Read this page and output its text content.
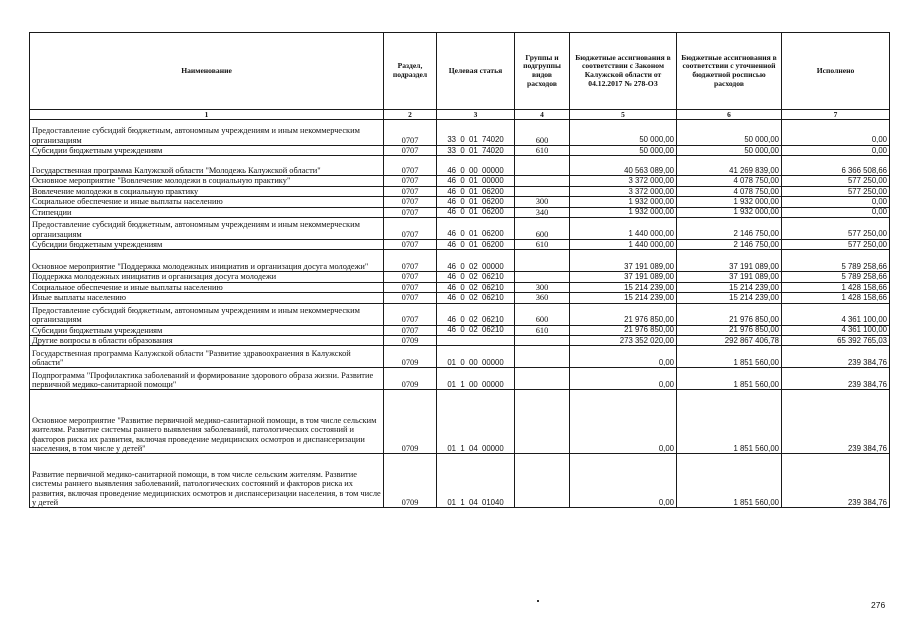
Наименование	Раздел, подраздел	Целевая статья	Группы и подгруппы видов расходов	Бюджетные ассигнования в соответствии с Законом Калужской области от 04.12.2017 № 278-ОЗ	Бюджетные ассигнования в соответствии с уточненной бюджетной росписью расходов	Исполнено
1	2	3	4	5	6	7
Предоставление субсидий бюджетным, автономным учреждениям и иным некоммерческим организациям	0707	33  0  01  74020	600	50 000,00	50 000,00	0,00
Субсидии бюджетным учреждениям	0707	33  0  01  74020	610	50 000,00	50 000,00	0,00
Государственная программа Калужской области "Молодежь Калужской области"	0707	46  0  00  00000		40 563 089,00	41 269 839,00	6 366 508,66
Основное мероприятие "Вовлечение молодежи в социальную практику"	0707	46  0  01  00000		3 372 000,00	4 078 750,00	577 250,00
Вовлечение молодежи в социальную практику	0707	46  0  01  06200		3 372 000,00	4 078 750,00	577 250,00
Социальное обеспечение и иные выплаты населению	0707	46  0  01  06200	300	1 932 000,00	1 932 000,00	0,00
Стипендии	0707	46  0  01  06200	340	1 932 000,00	1 932 000,00	0,00
Предоставление субсидий бюджетным, автономным учреждениям и иным некоммерческим организациям	0707	46  0  01  06200	600	1 440 000,00	2 146 750,00	577 250,00
Субсидии бюджетным учреждениям	0707	46  0  01  06200	610	1 440 000,00	2 146 750,00	577 250,00
Основное мероприятие "Поддержка молодежных инициатив и организация досуга молодежи"	0707	46  0  02  00000		37 191 089,00	37 191 089,00	5 789 258,66
Поддержка молодежных инициатив и организация досуга молодежи	0707	46  0  02  06210		37 191 089,00	37 191 089,00	5 789 258,66
Социальное обеспечение и иные выплаты населению	0707	46  0  02  06210	300	15 214 239,00	15 214 239,00	1 428 158,66
Иные выплаты населению	0707	46  0  02  06210	360	15 214 239,00	15 214 239,00	1 428 158,66
Предоставление субсидий бюджетным, автономным учреждениям и иным некоммерческим организациям	0707	46  0  02  06210	600	21 976 850,00	21 976 850,00	4 361 100,00
Субсидии бюджетным учреждениям	0707	46  0  02  06210	610	21 976 850,00	21 976 850,00	4 361 100,00
Другие вопросы в области образования	0709			273 352 020,00	292 867 406,78	65 392 765,03
Государственная программа Калужской области "Развитие здравоохранения в Калужской области"	0709	01  0  00  00000		0,00	1 851 560,00	239 384,76
Подпрограмма "Профилактика заболеваний и формирование здорового образа жизни. Развитие первичной медико-санитарной помощи"	0709	01  1  00  00000		0,00	1 851 560,00	239 384,76
Основное мероприятие "Развитие первичной медико-санитарной помощи, в том числе сельским жителям. Развитие системы раннего выявления заболеваний, патологических состояний и факторов риска их развития, включая проведение медицинских осмотров и диспансеризации населения, в том числе у детей"	0709	01  1  04  00000		0,00	1 851 560,00	239 384,76
Развитие первичной медико-санитарной помощи, в том числе сельским жителям. Развитие системы раннего выявления заболеваний, патологических состояний и факторов риска их развития, включая проведение медицинских осмотров и диспансеризации населения, в том числе у детей	0709	01  1  04  01040		0,00	1 851 560,00	239 384,76
276
